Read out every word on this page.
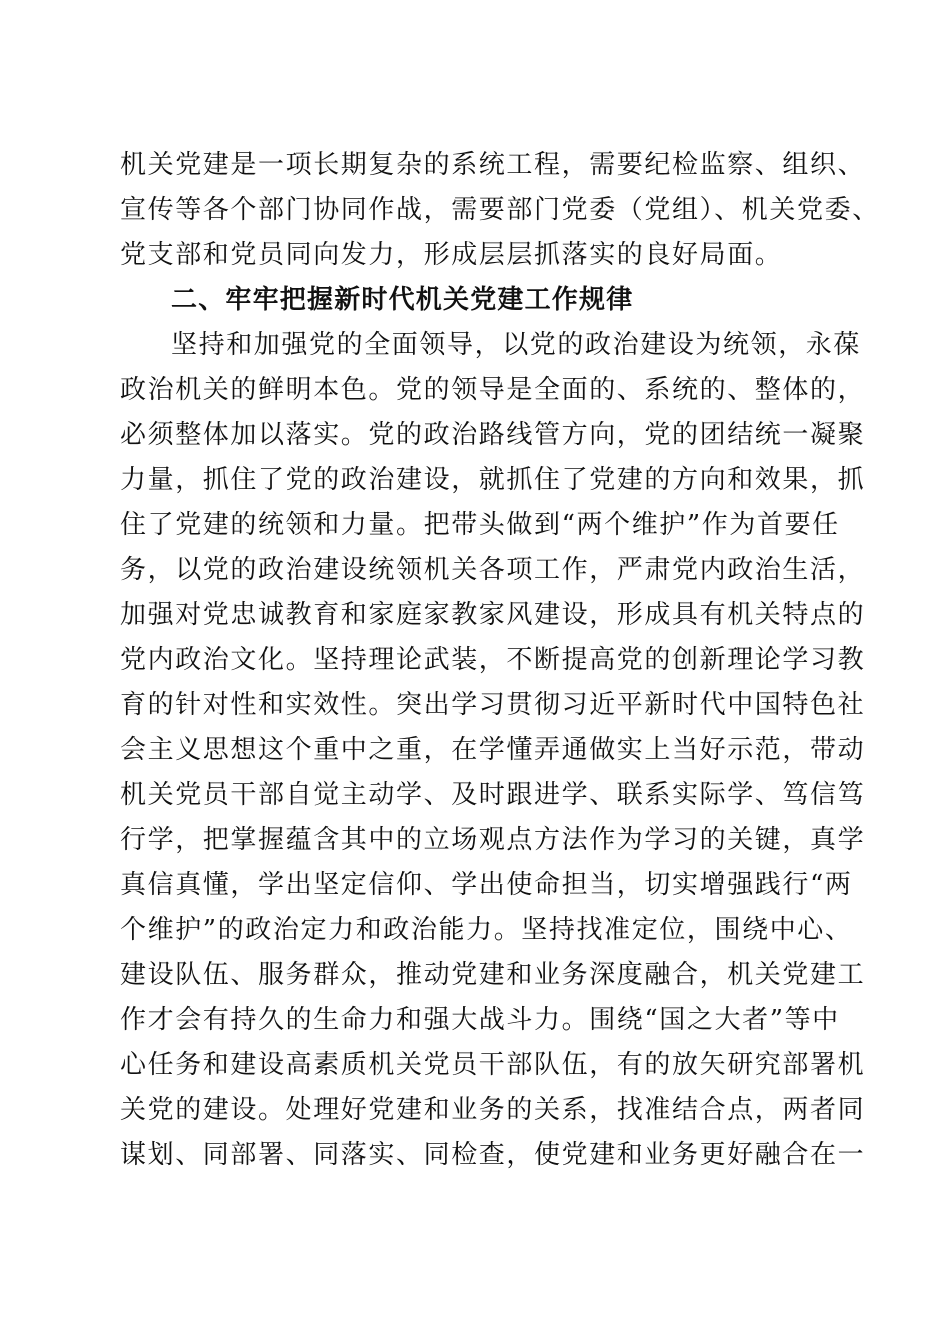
机关党建是一项长期复杂的系统工程，需要纪检监察、组织、
宣传等各个部门协同作战，需要部门党委（党组）、机关党委、
党支部和党员同向发力，形成层层抓落实的良好局面。
二、牢牢把握新时代机关党建工作规律
坚持和加强党的全面领导，以党的政治建设为统领，永葆
政治机关的鲜明本色。党的领导是全面的、系统的、整体的，
必须整体加以落实。党的政治路线管方向，党的团结统一凝聚
力量，抓住了党的政治建设，就抓住了党建的方向和效果，抓
住了党建的统领和力量。把带头做到“两个维护”作为首要任
务，以党的政治建设统领机关各项工作，严肃党内政治生活，
加强对党忠诚教育和家庭家教家风建设，形成具有机关特点的
党内政治文化。坚持理论武装，不断提高党的创新理论学习教
育的针对性和实效性。突出学习贯彻习近平新时代中国特色社
会主义思想这个重中之重，在学懂弄通做实上当好示范，带动
机关党员干部自觉主动学、及时跟进学、联系实际学、笃信笃
行学，把掌握蕴含其中的立场观点方法作为学习的关键，真学
真信真懂，学出坚定信仰、学出使命担当，切实增强践行“两
个维护”的政治定力和政治能力。坚持找准定位，围绕中心、
建设队伍、服务群众，推动党建和业务深度融合，机关党建工
作才会有持久的生命力和强大战斗力。围绕“国之大者”等中
心任务和建设高素质机关党员干部队伍，有的放矢研究部署机
关党的建设。处理好党建和业务的关系，找准结合点，两者同
谋划、同部署、同落实、同检查，使党建和业务更好融合在一
